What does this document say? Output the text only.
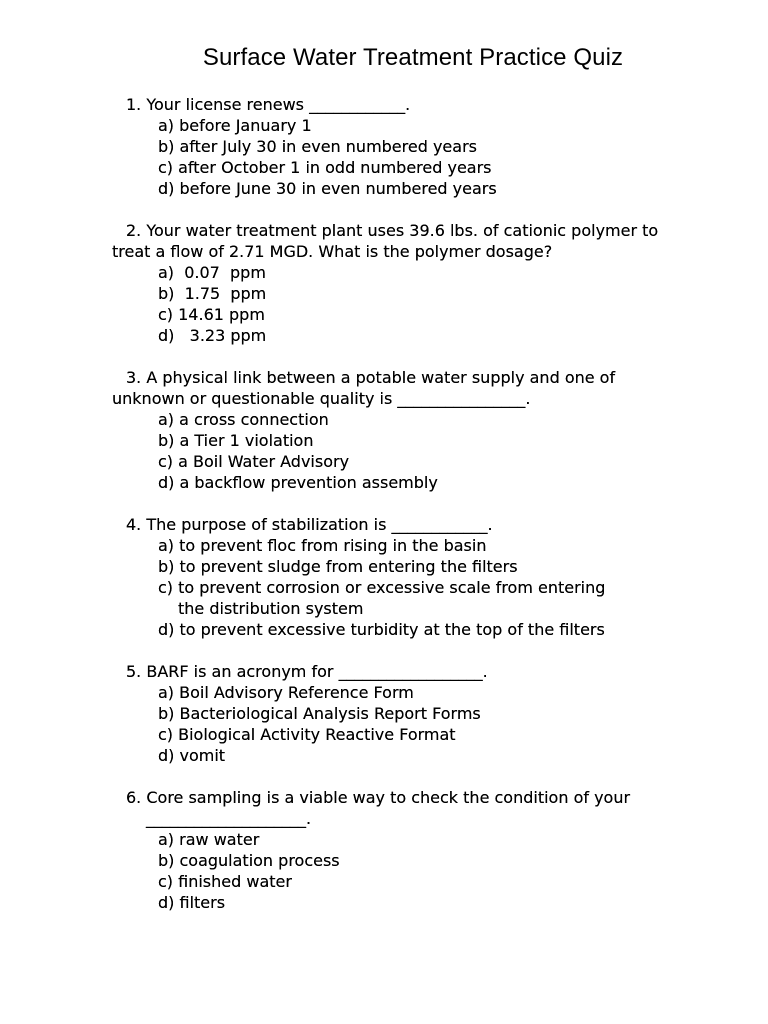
Surface Water Treatment Practice Quiz
1. Your license renews ____________.
a) before January 1
b) after July 30 in even numbered years
c) after October 1 in odd numbered years
d) before June 30 in even numbered years
2. Your water treatment plant uses 39.6 lbs. of cationic polymer to
treat a flow of 2.71 MGD. What is the polymer dosage?
a)  0.07  ppm
b)  1.75  ppm
c) 14.61 ppm
d)   3.23 ppm
3. A physical link between a potable water supply and one of
unknown or questionable quality is ________________.
a) a cross connection
b) a Tier 1 violation
c) a Boil Water Advisory
d) a backflow prevention assembly
4. The purpose of stabilization is ____________.
a) to prevent floc from rising in the basin
b) to prevent sludge from entering the filters
c) to prevent corrosion or excessive scale from entering
the distribution system
d) to prevent excessive turbidity at the top of the filters
5. BARF is an acronym for __________________.
a) Boil Advisory Reference Form
b) Bacteriological Analysis Report Forms
c) Biological Activity Reactive Format
d) vomit
6. Core sampling is a viable way to check the condition of your
____________________.
a) raw water
b) coagulation process
c) finished water
d) filters
